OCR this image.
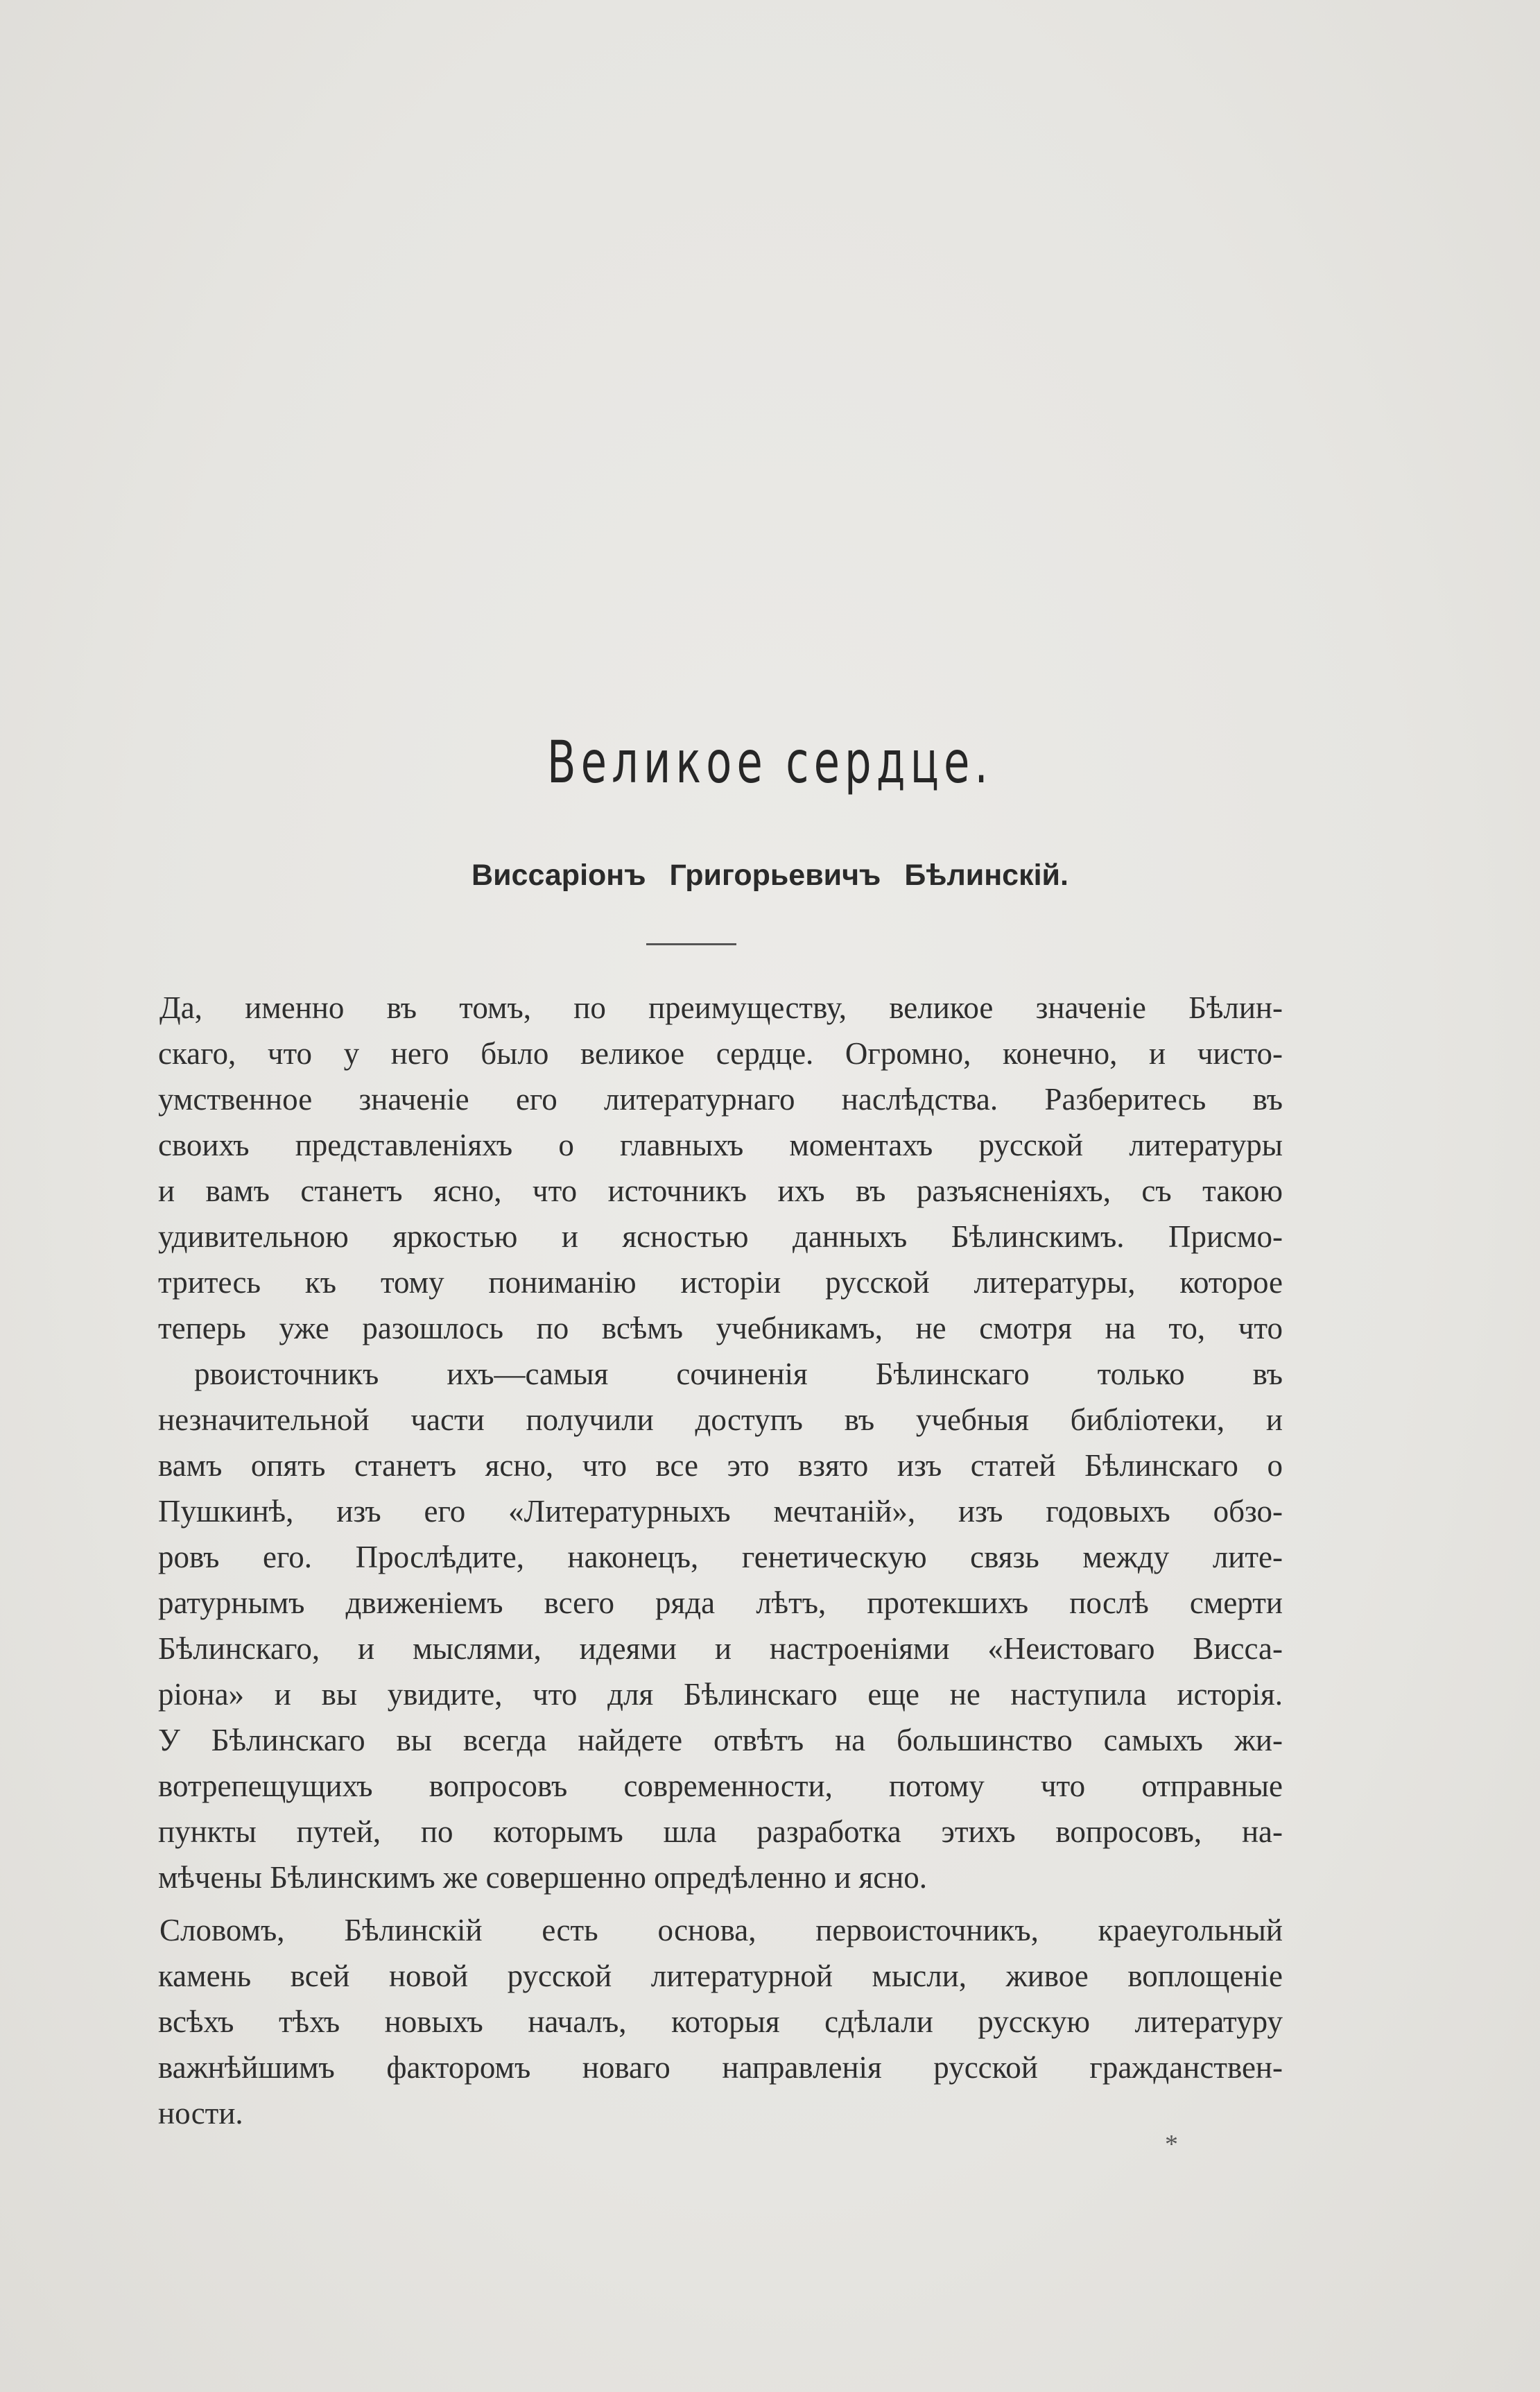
Великое сердце.
Виссаріонъ Григорьевичъ Бѣлинскій.
Да, именно въ томъ, по преимуществу, великое значеніе Бѣлин-
скаго, что у него было великое сердце. Огромно, конечно, и чисто-
умственное значеніе его литературнаго наслѣдства. Разберитесь въ
своихъ представленіяхъ о главныхъ моментахъ русской литературы
и вамъ станетъ ясно, что источникъ ихъ въ разъясненіяхъ, съ такою
удивительною яркостью и ясностью данныхъ Бѣлинскимъ. Присмо-
тритесь къ тому пониманію исторіи русской литературы, которое
теперь уже разошлось по всѣмъ учебникамъ, не смотря на то, что
рвоисточникъ ихъ—самыя сочиненія Бѣлинскаго только въ
незначительной части получили доступъ въ учебныя библіотеки, и
вамъ опять станетъ ясно, что все это взято изъ статей Бѣлинскаго о
Пушкинѣ, изъ его «Литературныхъ мечтаній», изъ годовыхъ обзо-
ровъ его. Прослѣдите, наконецъ, генетическую связь между лите-
ратурнымъ движеніемъ всего ряда лѣтъ, протекшихъ послѣ смерти
Бѣлинскаго, и мыслями, идеями и настроеніями «Неистоваго Висса-
ріона» и вы увидите, что для Бѣлинскаго еще не наступила исторія.
У Бѣлинскаго вы всегда найдете отвѣтъ на большинство самыхъ жи-
вотрепещущихъ вопросовъ современности, потому что отправные
пункты путей, по которымъ шла разработка этихъ вопросовъ, на-
мѣчены Бѣлинскимъ же совершенно опредѣленно и ясно.
Словомъ, Бѣлинскій есть основа, первоисточникъ, краеугольный
камень всей новой русской литературной мысли, живое воплощеніе
всѣхъ тѣхъ новыхъ началъ, которыя сдѣлали русскую литературу
важнѣйшимъ факторомъ новаго направленія русской гражданствен-
ности.
*
